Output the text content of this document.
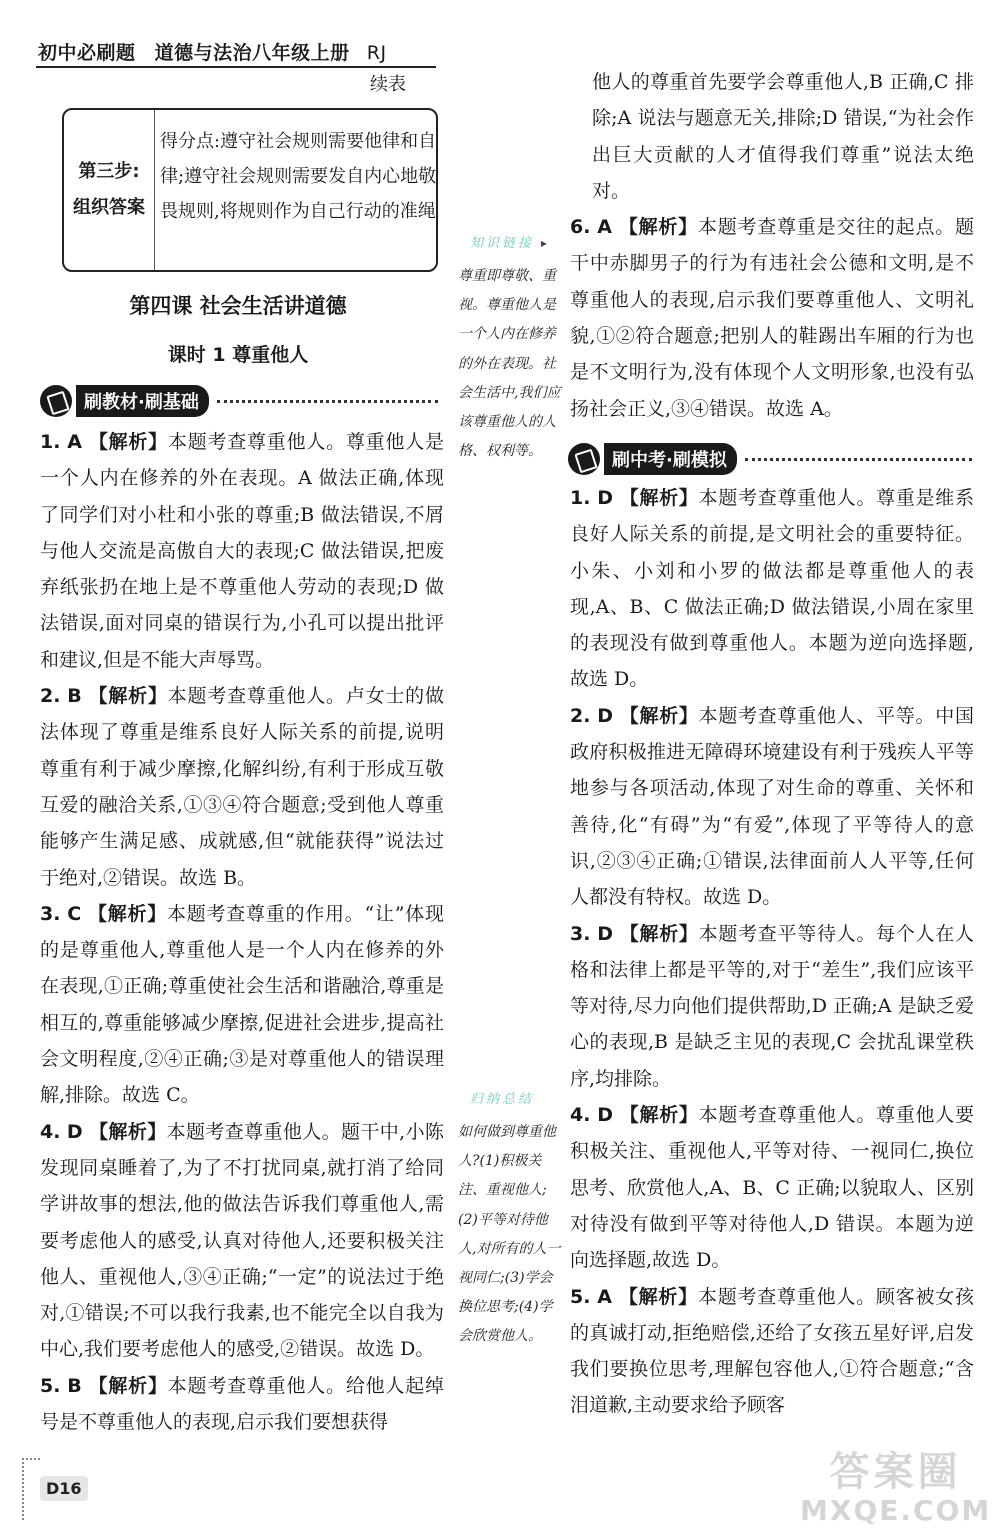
初中必刷题 道德与法治八年级上册 RJ
续表
第三步:
组织答案
得分点:遵守社会规则需要他律和自律;遵守社会规则需要发自内心地敬畏规则,将规则作为自己行动的准绳
第四课 社会生活讲道德
课时 1 尊重他人
刷教材·刷基础

1. A 【解析】本题考查尊重他人。尊重他人是一个人内在修养的外在表现。A 做法正确,体现了同学们对小杜和小张的尊重;B 做法错误,不屑与他人交流是高傲自大的表现;C 做法错误,把废弃纸张扔在地上是不尊重他人劳动的表现;D 做法错误,面对同桌的错误行为,小孔可以提出批评和建议,但是不能大声辱骂。

2. B 【解析】本题考查尊重他人。卢女士的做法体现了尊重是维系良好人际关系的前提,说明尊重有利于减少摩擦,化解纠纷,有利于形成互敬互爱的融洽关系,①③④符合题意;受到他人尊重能够产生满足感、成就感,但“就能获得”说法过于绝对,②错误。故选 B。

3. C 【解析】本题考查尊重的作用。“让”体现的是尊重他人,尊重他人是一个人内在修养的外在表现,①正确;尊重使社会生活和谐融洽,尊重是相互的,尊重能够减少摩擦,促进社会进步,提高社会文明程度,②④正确;③是对尊重他人的错误理解,排除。故选 C。

4. D 【解析】本题考查尊重他人。题干中,小陈发现同桌睡着了,为了不打扰同桌,就打消了给同学讲故事的想法,他的做法告诉我们尊重他人,需要考虑他人的感受,认真对待他人,还要积极关注他人、重视他人,③④正确;“一定”的说法过于绝对,①错误;不可以我行我素,也不能完全以自我为中心,我们要考虑他人的感受,②错误。故选 D。

5. B 【解析】本题考查尊重他人。给他人起绰号是不尊重他人的表现,启示我们要想获得

知识链接 ▸
尊重即尊敬、重视。尊重他人是一个人内在修养的外在表现。社会生活中,我们应该尊重他人的人格、权利等。
归纳总结
如何做到尊重他人?(1)积极关注、重视他人;(2)平等对待他人,对所有的人一视同仁;(3)学会换位思考;(4)学会欣赏他人。

他人的尊重首先要学会尊重他人,B 正确,C 排除;A 说法与题意无关,排除;D 错误,“为社会作出巨大贡献的人才值得我们尊重”说法太绝对。

6. A 【解析】本题考查尊重是交往的起点。题干中赤脚男子的行为有违社会公德和文明,是不尊重他人的表现,启示我们要尊重他人、文明礼貌,①②符合题意;把别人的鞋踢出车厢的行为也是不文明行为,没有体现个人文明形象,也没有弘扬社会正义,③④错误。故选 A。

刷中考·刷模拟

1. D 【解析】本题考查尊重他人。尊重是维系良好人际关系的前提,是文明社会的重要特征。小朱、小刘和小罗的做法都是尊重他人的表现,A、B、C 做法正确;D 做法错误,小周在家里的表现没有做到尊重他人。本题为逆向选择题,故选 D。

2. D 【解析】本题考查尊重他人、平等。中国政府积极推进无障碍环境建设有利于残疾人平等地参与各项活动,体现了对生命的尊重、关怀和善待,化“有碍”为“有爱”,体现了平等待人的意识,②③④正确;①错误,法律面前人人平等,任何人都没有特权。故选 D。

3. D 【解析】本题考查平等待人。每个人在人格和法律上都是平等的,对于“差生”,我们应该平等对待,尽力向他们提供帮助,D 正确;A 是缺乏爱心的表现,B 是缺乏主见的表现,C 会扰乱课堂秩序,均排除。

4. D 【解析】本题考查尊重他人。尊重他人要积极关注、重视他人,平等对待、一视同仁,换位思考、欣赏他人,A、B、C 正确;以貌取人、区别对待没有做到平等对待他人,D 错误。本题为逆向选择题,故选 D。

5. A 【解析】本题考查尊重他人。顾客被女孩的真诚打动,拒绝赔偿,还给了女孩五星好评,启发我们要换位思考,理解包容他人,①符合题意;“含泪道歉,主动要求给予顾客

D16	答案圈
MXQE.COM
